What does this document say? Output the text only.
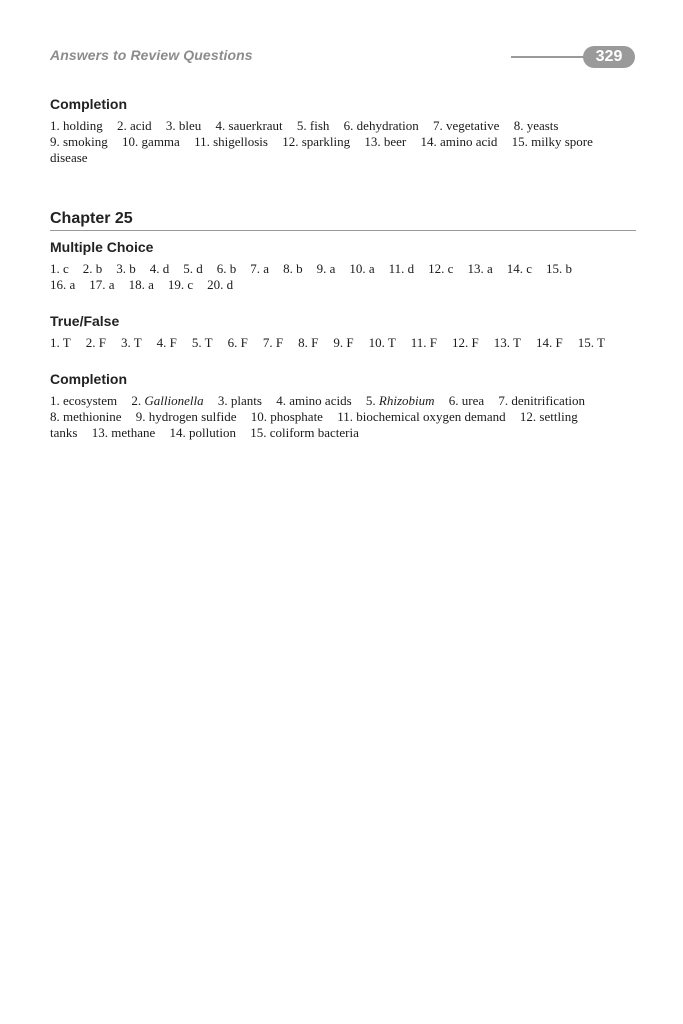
Answers to Review Questions	329
Completion
1. holding 2. acid 3. bleu 4. sauerkraut 5. fish 6. dehydration 7. vegetative 8. yeasts
9. smoking 10. gamma 11. shigellosis 12. sparkling 13. beer 14. amino acid 15. milky spore
disease
Chapter 25
Multiple Choice
1. c 2. b 3. b 4. d 5. d 6. b 7. a 8. b 9. a 10. a 11. d 12. c 13. a 14. c 15. b
16. a 17. a 18. a 19. c 20. d
True/False
1. T 2. F 3. T 4. F 5. T 6. F 7. F 8. F 9. F 10. T 11. F 12. F 13. T 14. F 15. T
Completion
1. ecosystem 2. Gallionella 3. plants 4. amino acids 5. Rhizobium 6. urea 7. denitrification
8. methionine 9. hydrogen sulfide 10. phosphate 11. biochemical oxygen demand 12. settling
tanks 13. methane 14. pollution 15. coliform bacteria
